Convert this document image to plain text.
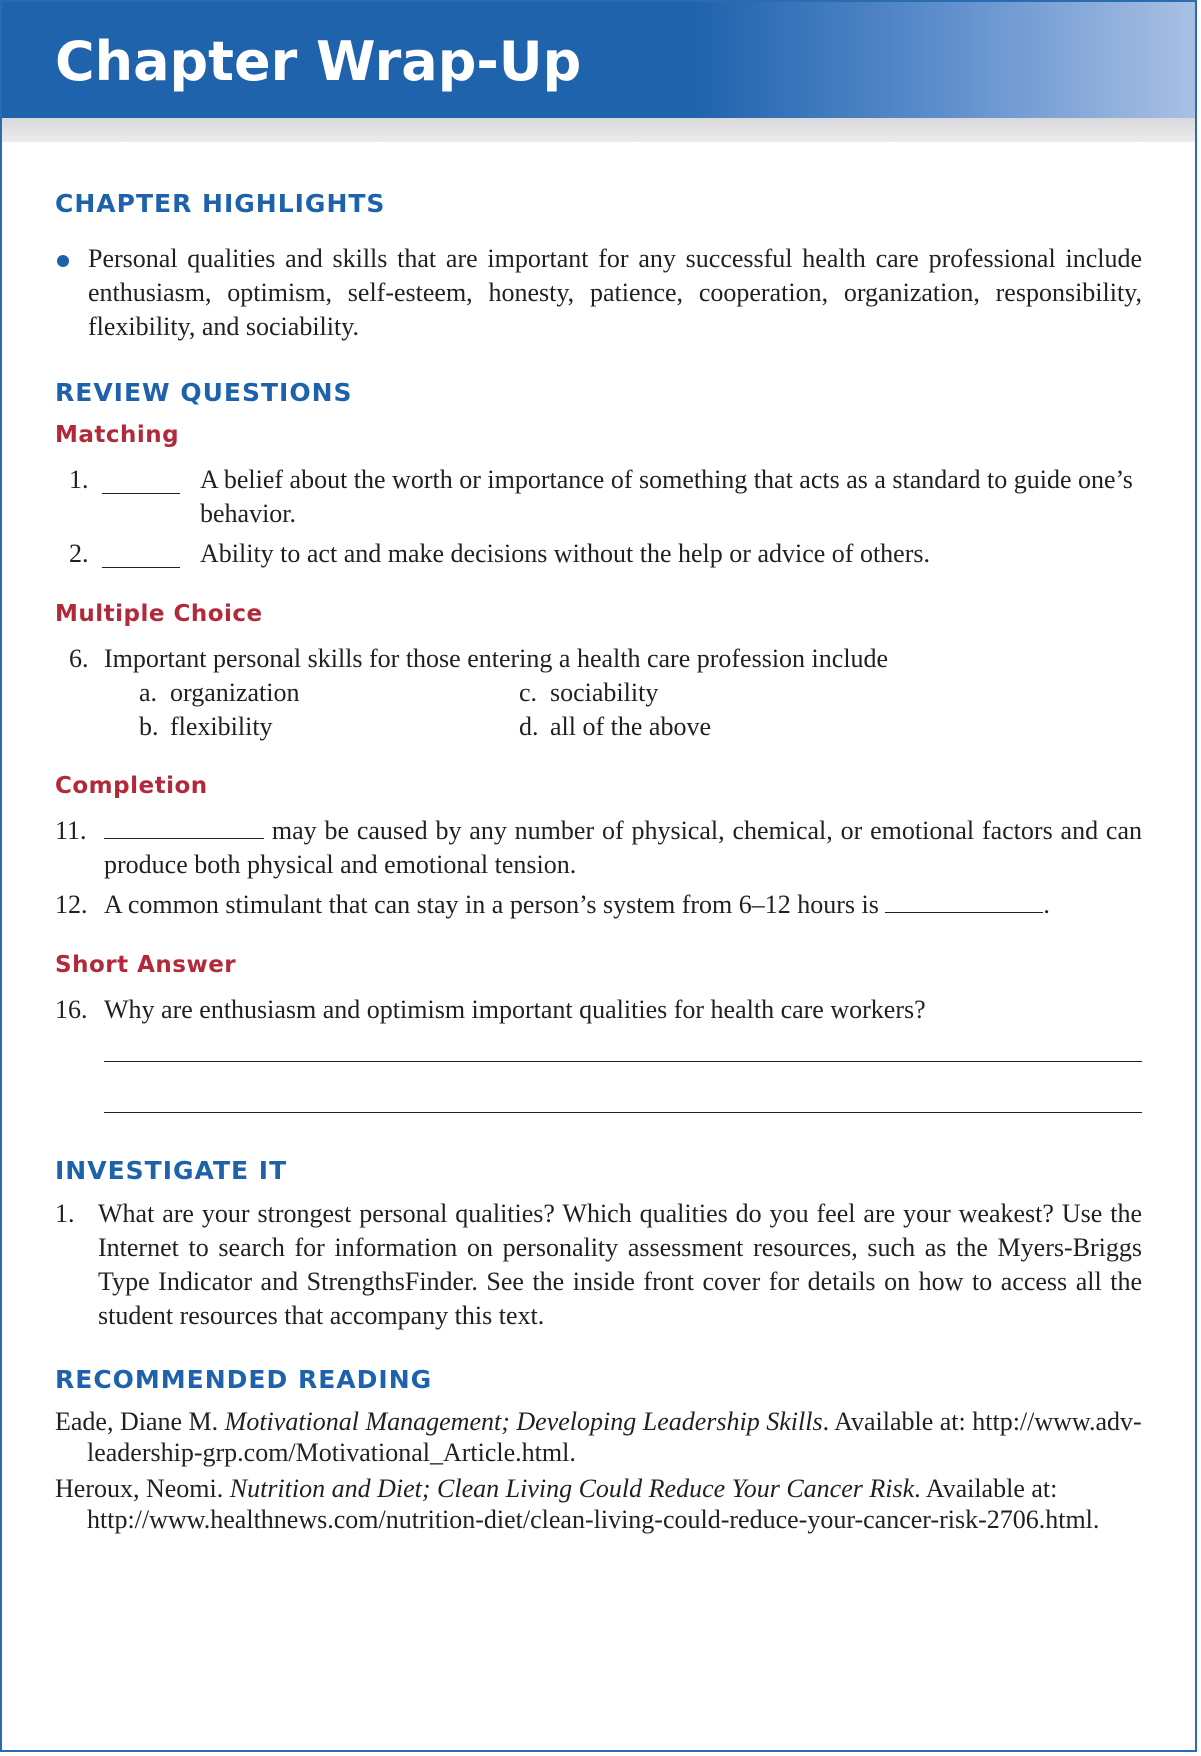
Chapter Wrap-Up
CHAPTER HIGHLIGHTS
Personal qualities and skills that are important for any successful health care professional include enthusiasm, optimism, self-esteem, honesty, patience, cooperation, organization, responsibility, flexibility, and sociability.
REVIEW QUESTIONS
Matching
1.	A belief about the worth or importance of something that acts as a standard to guide one’s behavior.
2.	Ability to act and make decisions without the help or advice of others.
Multiple Choice
6. Important personal skills for those entering a health care profession include
a. organization
b. flexibility
c. sociability
d. all of the above
Completion
11.	may be caused by any number of physical, chemical, or emotional factors and can produce both physical and emotional tension.
12. A common stimulant that can stay in a person’s system from 6–12 hours is	.
Short Answer
16. Why are enthusiasm and optimism important qualities for health care workers?
INVESTIGATE IT
1. What are your strongest personal qualities? Which qualities do you feel are your weakest? Use the Internet to search for information on personality assessment resources, such as the Myers-Briggs Type Indicator and StrengthsFinder. See the inside front cover for details on how to access all the student resources that accompany this text.
RECOMMENDED READING
Eade, Diane M. Motivational Management; Developing Leadership Skills. Available at: http://www.adv-leadership-grp.com/Motivational_Article.html.
Heroux, Neomi. Nutrition and Diet; Clean Living Could Reduce Your Cancer Risk. Available at: http://www.healthnews.com/nutrition-diet/clean-living-could-reduce-your-cancer-risk-2706.html.
